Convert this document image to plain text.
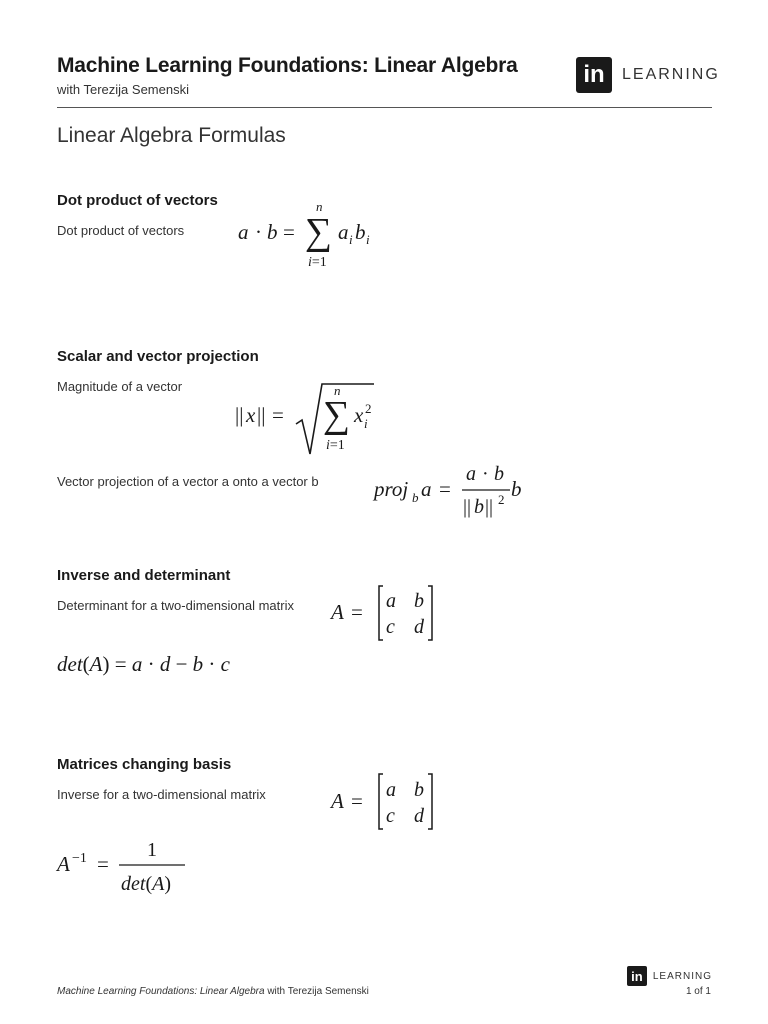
Machine Learning Foundations: Linear Algebra
with Terezija Semenski
in	LEARNING
Linear Algebra Formulas
Dot product of vectors
Dot product of vectors	a · b = ∑
n
i=1
a i b i
Scalar and vector projection
Magnitude of a vector
|| x || = ∑
n
i=1
x i
2
Vector projection of a vector a onto a vector b	proj b a =
a · b
|| b || 2 b
Inverse and determinant
Determinant for a two-dimensional matrix A = a b
c d
det(A) = a · d − b · c
Matrices changing basis
Inverse for a two-dimensional matrix	A = a b
c d
A −1 =
1
det(A)
in	LEARNING
Machine Learning Foundations: Linear Algebra with Terezija Semenski	1 of 1
